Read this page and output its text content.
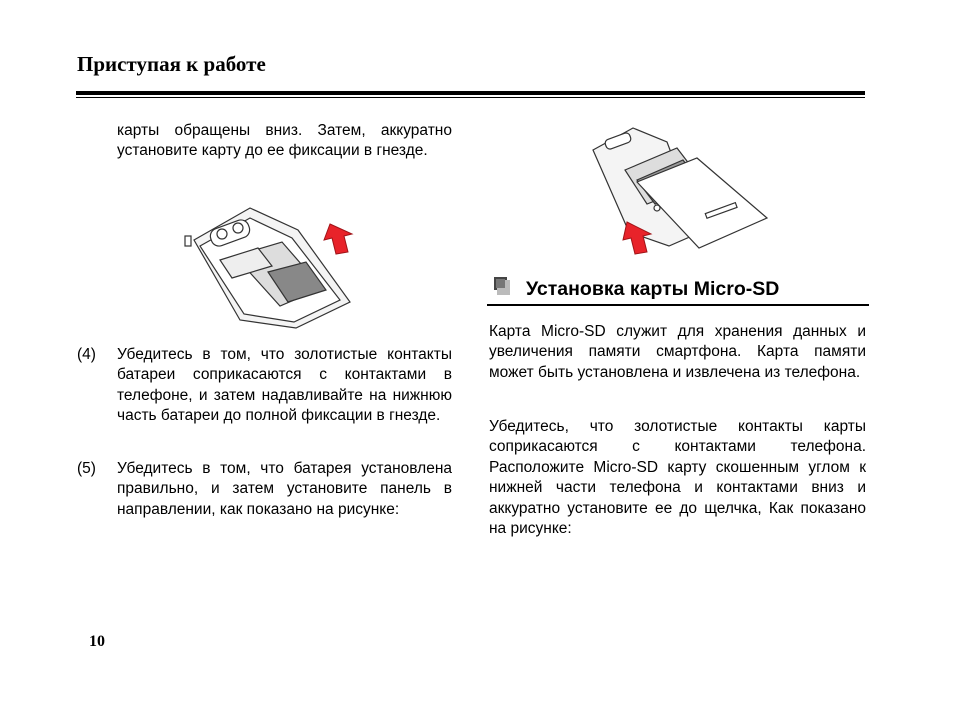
Приступая к работе

карты обращены вниз. Затем, аккуратно установите карту до ее фиксации в гнезде.

(4) Убедитесь в том, что золотистые контакты батареи соприкасаются с контактами в телефоне, и затем надавливайте на нижнюю часть батареи до полной фиксации в гнезде.

(5) Убедитесь в том, что батарея установлена правильно, и затем установите панель в направлении, как показано на рисунке:

Установка карты Micro-SD

Карта Micro-SD служит для хранения данных и увеличения памяти смартфона. Карта памяти может быть установлена и извлечена из телефона.

Убедитесь, что золотистые контакты карты соприкасаются с контактами телефона. Расположите Micro-SD карту скошенным углом к нижней части телефона и контактами вниз и аккуратно установите ее до щелчка, Как показано на рисунке:

10
